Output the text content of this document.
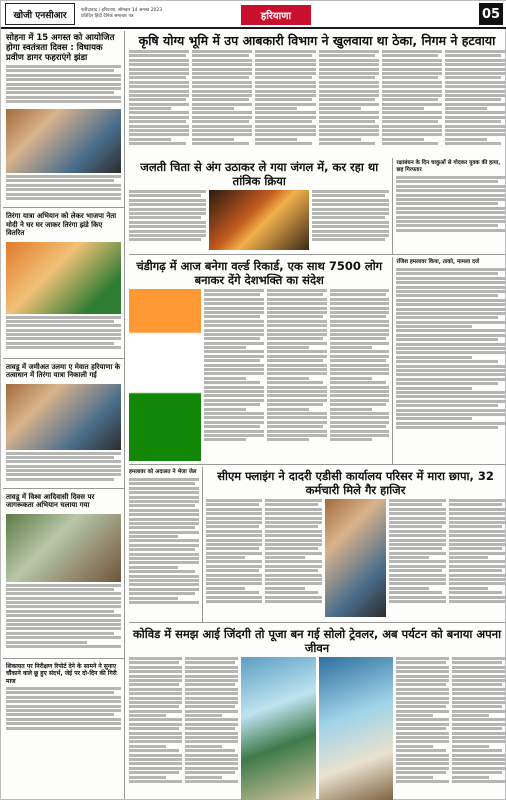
खोजी एनसीआर	फरीदाबाद / हरियाणा, सोमवार 14 अगस्त 2023
प्रतिदिन हिंदी दैनिक समाचार पत्र	हरियाणा	05
सोहना में 15 अगस्त को आयोजित होगा स्वतंत्रता दिवस : विधायक प्रवीण डागर फहराएंगे झंडा
तिरंगा यात्रा अभियान को लेकर भाजपा नेता मोदी ने घर घर जाकर तिरंगा झंडे किए वितरित
तावडू में जमीअत उलमा ए मेवात हरियाणा के तत्वाधान में तिरंगा यात्रा निकाली गई
तावडू में विश्व आदिवासी दिवस पर जागरूकता अभियान चलाया गया
शिकायत पर निरीक्षण रिपोर्ट देने के सामने ने सुनाए चौंकाने वाले छू हुए संदर्भ, जेई पर दो-दिन की गिरी माज
कृषि योग्य भूमि में उप आबकारी विभाग ने खुलवाया था ठेका, निगम ने हटवाया
जलती चिता से अंग उठाकर ले गया जंगल में, कर रहा था तांत्रिक क्रिया
रक्षाबंधन के दिन चाकुओं से गोदकर युवक की हत्या, छह गिरफ्तार
चंडीगढ़ में आज बनेगा वर्ल्ड रिकार्ड, एक साथ 7500 लोग बनाकर देंगे देशभक्ति का संदेश
रंजिश हमलावर किया, ताको, मामला दर्ज
हमलावर को अदालत ने भेजा जेल	सीएम फ्लाइंग ने दादरी एडीसी कार्यालय परिसर में मारा छापा, 32 कर्मचारी मिले गैर हाजिर
कोविड में समझ आई जिंदगी तो पूजा बन गई सोलो ट्रेवलर, अब पर्यटन को बनाया अपना जीवन
